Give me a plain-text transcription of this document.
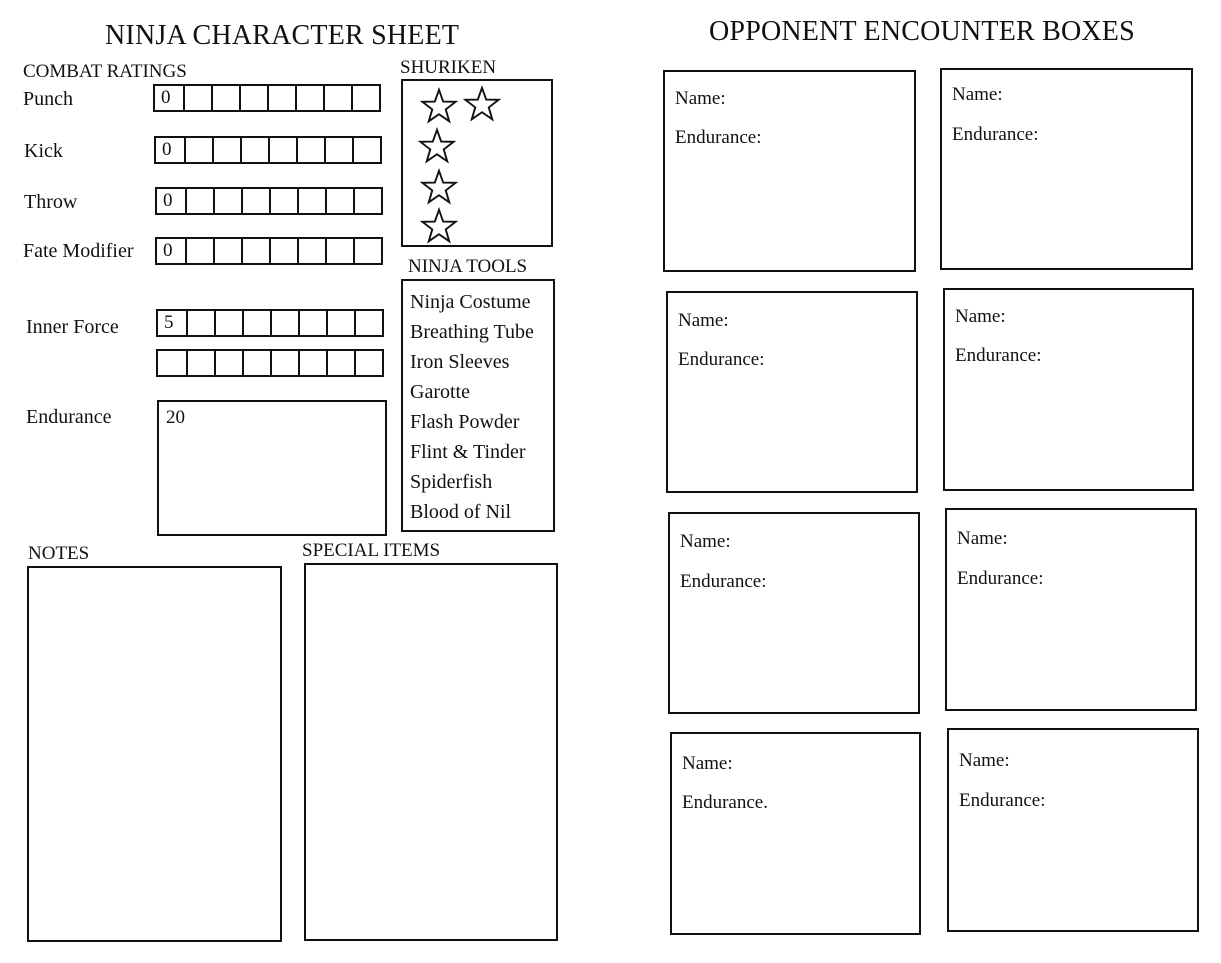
NINJA CHARACTER SHEET
COMBAT RATINGS
Punch	0
Kick	0
Throw	0
Fate Modifier	0
Inner Force	5
Endurance	20
SHURIKEN
NINJA TOOLS
Ninja Costume
Breathing Tube
Iron Sleeves
Garotte
Flash Powder
Flint & Tinder
Spiderfish
Blood of Nil
NOTES	SPECIAL ITEMS
OPPONENT ENCOUNTER BOXES
Name:
Endurance:
Name:
Endurance:
Name:
Endurance:
Name:
Endurance:
Name:
Endurance:
Name:
Endurance:
Name:
Endurance.
Name:
Endurance:
